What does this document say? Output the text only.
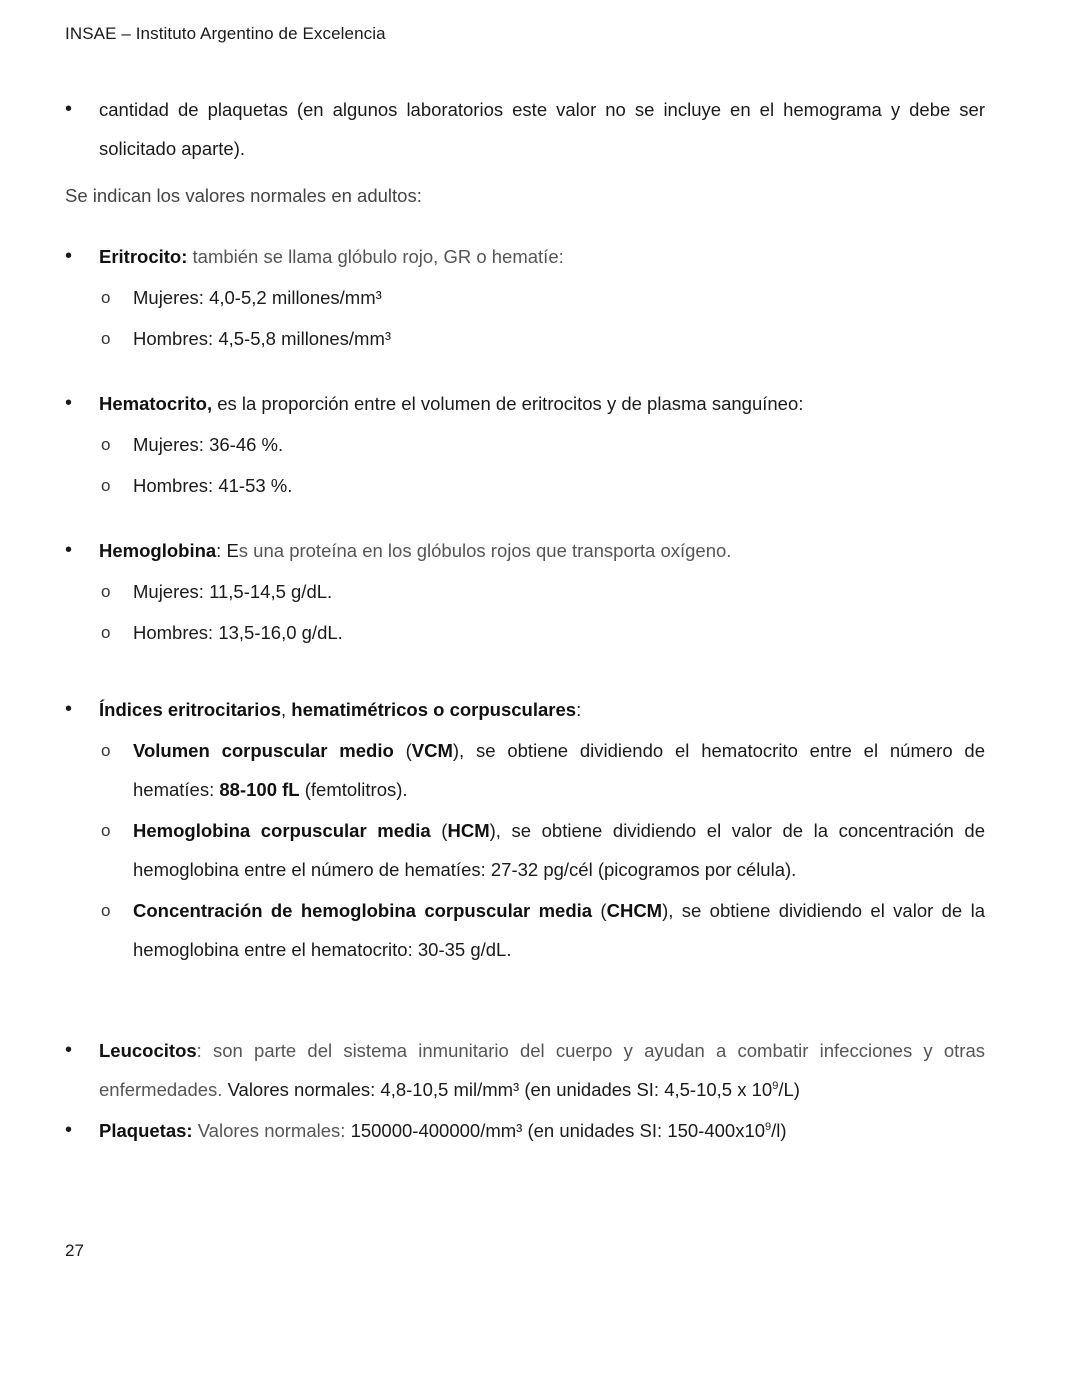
INSAE – Instituto Argentino de Excelencia
• cantidad de plaquetas (en algunos laboratorios este valor no se incluye en el hemograma y debe ser solicitado aparte).
Se indican los valores normales en adultos:
• Eritrocito: también se llama glóbulo rojo, GR o hematíe:
o Mujeres: 4,0-5,2 millones/mm³
o Hombres: 4,5-5,8 millones/mm³
• Hematocrito, es la proporción entre el volumen de eritrocitos y de plasma sanguíneo:
o Mujeres: 36-46 %.
o Hombres: 41-53 %.
• Hemoglobina: Es una proteína en los glóbulos rojos que transporta oxígeno.
o Mujeres: 11,5-14,5 g/dL.
o Hombres: 13,5-16,0 g/dL.
• Índices eritrocitarios, hematimétricos o corpusculares:
o Volumen corpuscular medio (VCM), se obtiene dividiendo el hematocrito entre el número de hematíes: 88-100 fL (femtolitros).
o Hemoglobina corpuscular media (HCM), se obtiene dividiendo el valor de la concentración de hemoglobina entre el número de hematíes: 27-32 pg/cél (picogramos por célula).
o Concentración de hemoglobina corpuscular media (CHCM), se obtiene dividiendo el valor de la hemoglobina entre el hematocrito: 30-35 g/dL.
• Leucocitos: son parte del sistema inmunitario del cuerpo y ayudan a combatir infecciones y otras enfermedades. Valores normales: 4,8-10,5 mil/mm³ (en unidades SI: 4,5-10,5 x $10^9/L$)
• Plaquetas: Valores normales: 150000-400000/mm³ (en unidades SI: $150-400x10^9/l$)
27
